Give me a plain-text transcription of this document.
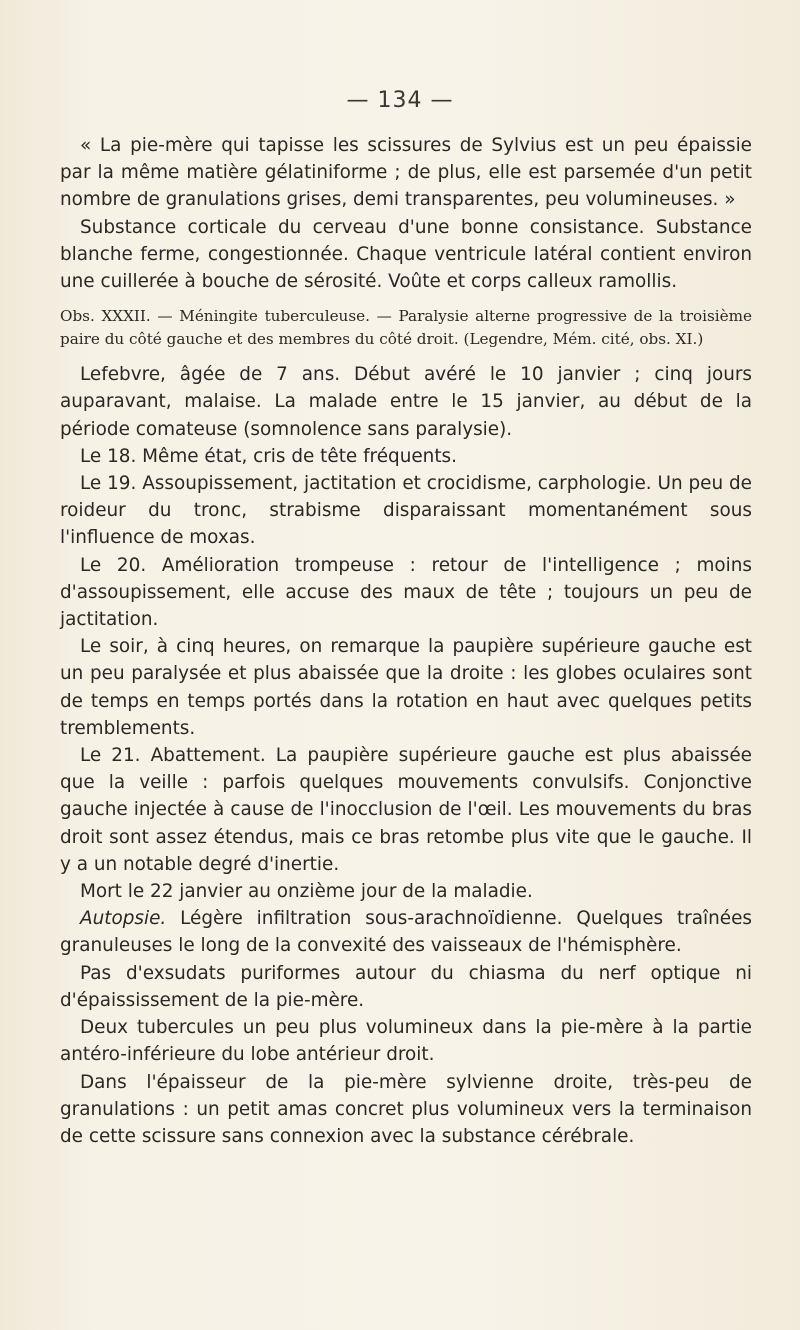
— 134 —

« La pie-mère qui tapisse les scissures de Sylvius est un peu épaissie par la même matière gélatiniforme ; de plus, elle est parsemée d'un petit nombre de granulations grises, demi transparentes, peu volumineuses. »

Substance corticale du cerveau d'une bonne consistance. Substance blanche ferme, congestionnée. Chaque ventricule latéral contient environ une cuillerée à bouche de sérosité. Voûte et corps calleux ramollis.

Obs. XXXII. — Méningite tuberculeuse. — Paralysie alterne progressive de la troisième paire du côté gauche et des membres du côté droit. (Legendre, Mém. cité, obs. XI.)

Lefebvre, âgée de 7 ans. Début avéré le 10 janvier ; cinq jours auparavant, malaise. La malade entre le 15 janvier, au début de la période comateuse (somnolence sans paralysie).

Le 18. Même état, cris de tête fréquents.

Le 19. Assoupissement, jactitation et crocidisme, carphologie. Un peu de roideur du tronc, strabisme disparaissant momentanément sous l'influence de moxas.

Le 20. Amélioration trompeuse : retour de l'intelligence ; moins d'assoupissement, elle accuse des maux de tête ; toujours un peu de jactitation.

Le soir, à cinq heures, on remarque la paupière supérieure gauche est un peu paralysée et plus abaissée que la droite : les globes oculaires sont de temps en temps portés dans la rotation en haut avec quelques petits tremblements.

Le 21. Abattement. La paupière supérieure gauche est plus abaissée que la veille : parfois quelques mouvements convulsifs. Conjonctive gauche injectée à cause de l'inocclusion de l'œil. Les mouvements du bras droit sont assez étendus, mais ce bras retombe plus vite que le gauche. Il y a un notable degré d'inertie.

Mort le 22 janvier au onzième jour de la maladie.

Autopsie. Légère infiltration sous-arachnoïdienne. Quelques traînées granuleuses le long de la convexité des vaisseaux de l'hémisphère.

Pas d'exsudats puriformes autour du chiasma du nerf optique ni d'épaississement de la pie-mère.

Deux tubercules un peu plus volumineux dans la pie-mère à la partie antéro-inférieure du lobe antérieur droit.

Dans l'épaisseur de la pie-mère sylvienne droite, très-peu de granulations : un petit amas concret plus volumineux vers la terminaison de cette scissure sans connexion avec la substance cérébrale.
